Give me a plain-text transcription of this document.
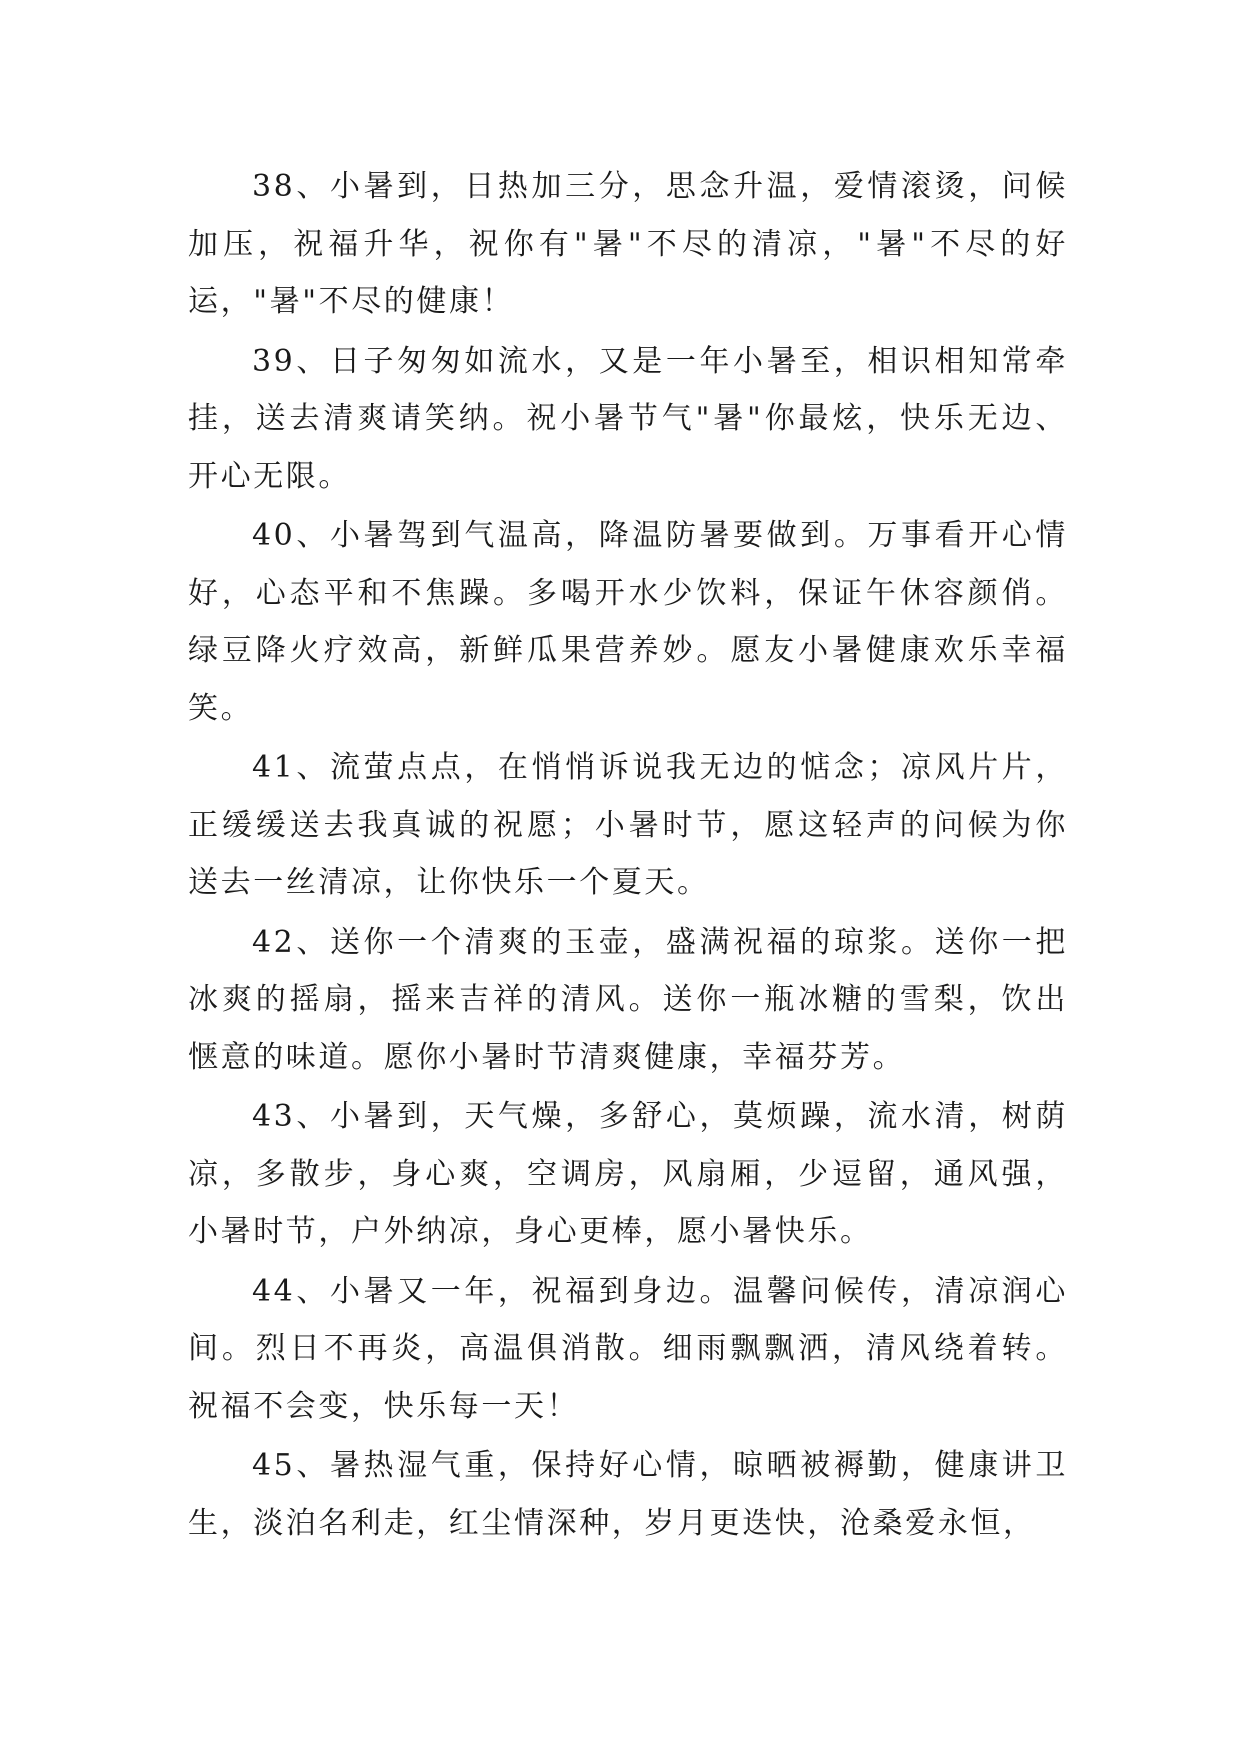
38、小暑到，日热加三分，思念升温，爱情滚烫，问候加压，祝福升华，祝你有"暑"不尽的清凉，"暑"不尽的好运，"暑"不尽的健康！

39、日子匆匆如流水，又是一年小暑至，相识相知常牵挂，送去清爽请笑纳。祝小暑节气"暑"你最炫，快乐无边、开心无限。

40、小暑驾到气温高，降温防暑要做到。万事看开心情好，心态平和不焦躁。多喝开水少饮料，保证午休容颜俏。绿豆降火疗效高，新鲜瓜果营养妙。愿友小暑健康欢乐幸福笑。

41、流萤点点，在悄悄诉说我无边的惦念；凉风片片，正缓缓送去我真诚的祝愿；小暑时节，愿这轻声的问候为你送去一丝清凉，让你快乐一个夏天。

42、送你一个清爽的玉壶，盛满祝福的琼浆。送你一把冰爽的摇扇，摇来吉祥的清风。送你一瓶冰糖的雪梨，饮出惬意的味道。愿你小暑时节清爽健康，幸福芬芳。

43、小暑到，天气燥，多舒心，莫烦躁，流水清，树荫凉，多散步，身心爽，空调房，风扇厢，少逗留，通风强，小暑时节，户外纳凉，身心更棒，愿小暑快乐。

44、小暑又一年，祝福到身边。温馨问候传，清凉润心间。烈日不再炎，高温俱消散。细雨飘飘洒，清风绕着转。祝福不会变，快乐每一天！

45、暑热湿气重，保持好心情，晾晒被褥勤，健康讲卫生，淡泊名利走，红尘情深种，岁月更迭快，沧桑爱永恒，
